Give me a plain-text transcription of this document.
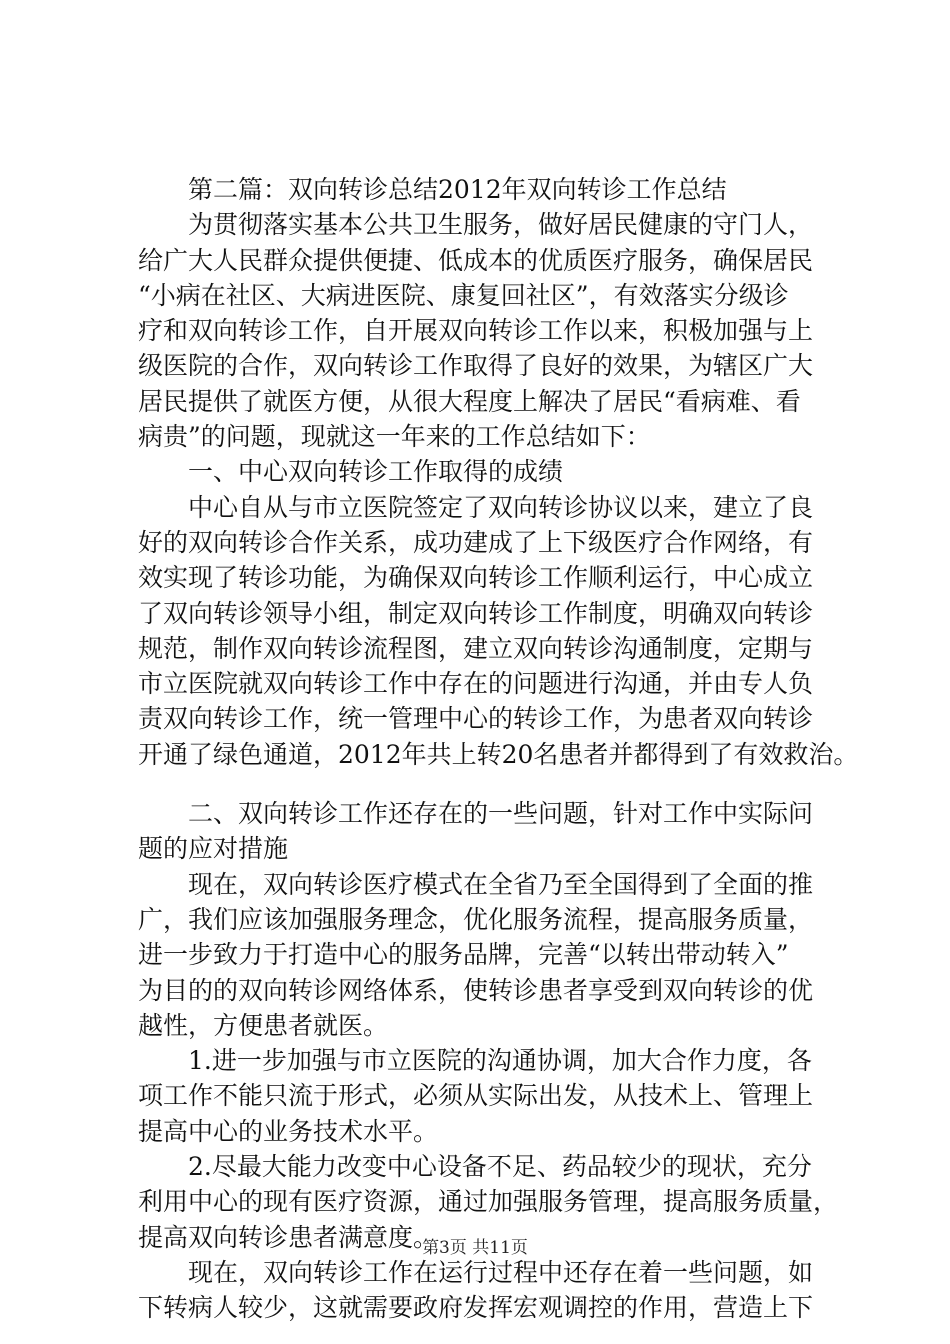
第二篇：双向转诊总结2012年双向转诊工作总结
为贯彻落实基本公共卫生服务，做好居民健康的守门人，
给广大人民群众提供便捷、低成本的优质医疗服务，确保居民
“小病在社区、大病进医院、康复回社区”，有效落实分级诊
疗和双向转诊工作，自开展双向转诊工作以来，积极加强与上
级医院的合作，双向转诊工作取得了良好的效果，为辖区广大
居民提供了就医方便，从很大程度上解决了居民“看病难、看
病贵”的问题，现就这一年来的工作总结如下：
一、中心双向转诊工作取得的成绩
中心自从与市立医院签定了双向转诊协议以来，建立了良
好的双向转诊合作关系，成功建成了上下级医疗合作网络，有
效实现了转诊功能，为确保双向转诊工作顺利运行，中心成立
了双向转诊领导小组，制定双向转诊工作制度，明确双向转诊
规范，制作双向转诊流程图，建立双向转诊沟通制度，定期与
市立医院就双向转诊工作中存在的问题进行沟通，并由专人负
责双向转诊工作，统一管理中心的转诊工作，为患者双向转诊
开通了绿色通道，2012年共上转20名患者并都得到了有效救治。
二、双向转诊工作还存在的一些问题，针对工作中实际问
题的应对措施
现在，双向转诊医疗模式在全省乃至全国得到了全面的推
广，我们应该加强服务理念，优化服务流程，提高服务质量，
进一步致力于打造中心的服务品牌，完善“以转出带动转入”
为目的的双向转诊网络体系，使转诊患者享受到双向转诊的优
越性，方便患者就医。
1.进一步加强与市立医院的沟通协调，加大合作力度，各
项工作不能只流于形式，必须从实际出发，从技术上、管理上
提高中心的业务技术水平。
2.尽最大能力改变中心设备不足、药品较少的现状，充分
利用中心的现有医疗资源，通过加强服务管理，提高服务质量，
提高双向转诊患者满意度。
现在，双向转诊工作在运行过程中还存在着一些问题，如
下转病人较少，这就需要政府发挥宏观调控的作用，营造上下
第3页 共11页
